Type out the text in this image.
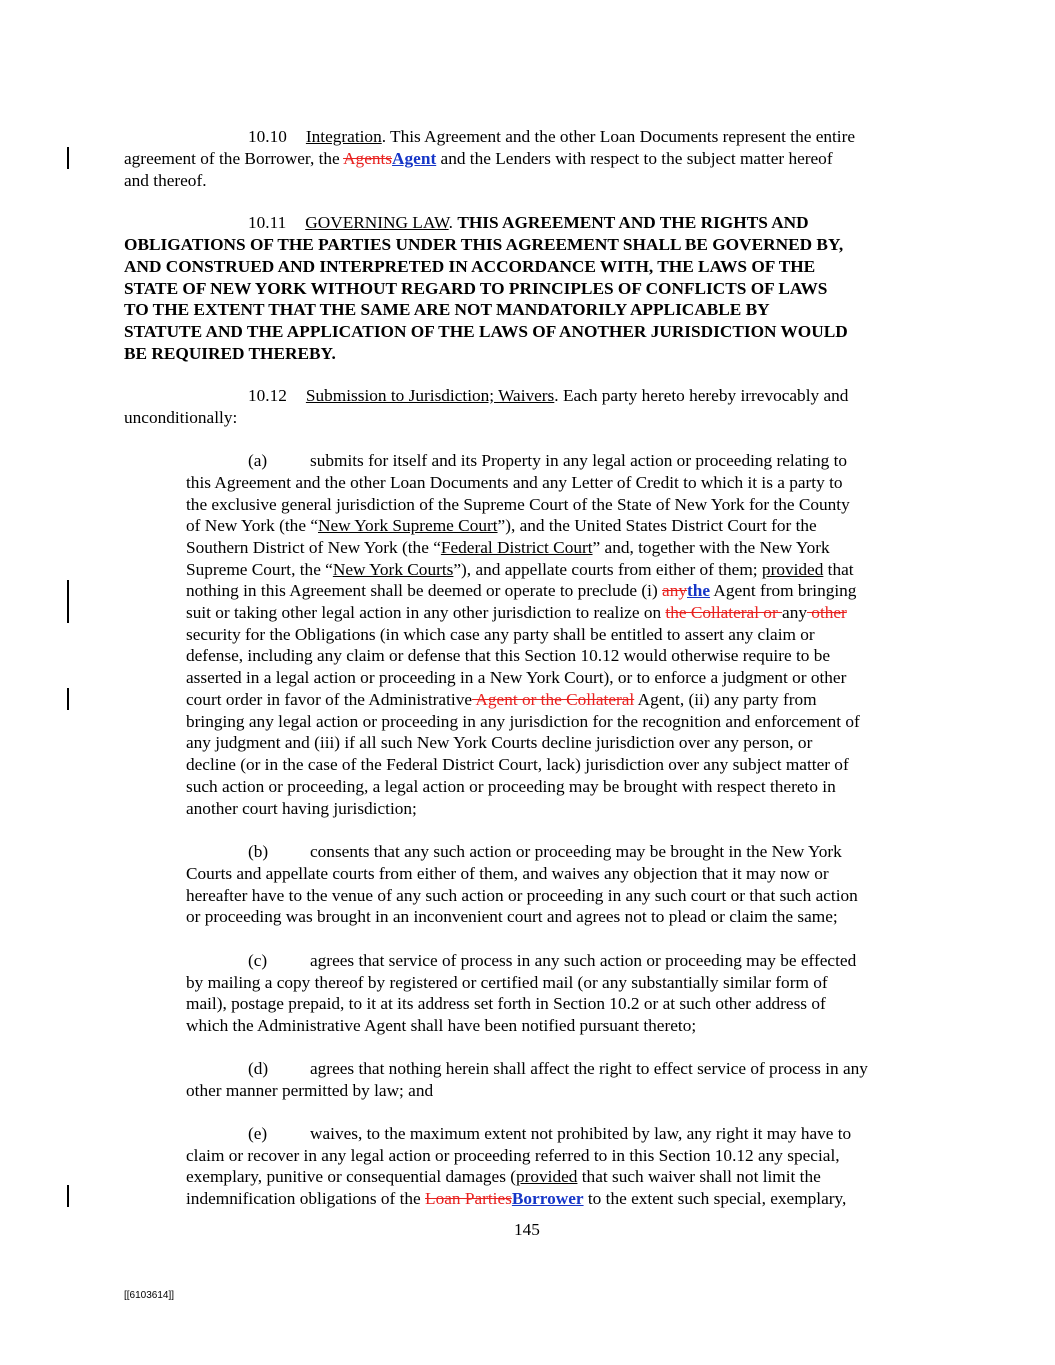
10.10 Integration. This Agreement and the other Loan Documents represent the entire
agreement of the Borrower, the AgentsAgent and the Lenders with respect to the subject matter hereof
and thereof.
10.11 GOVERNING LAW. THIS AGREEMENT AND THE RIGHTS AND
OBLIGATIONS OF THE PARTIES UNDER THIS AGREEMENT SHALL BE GOVERNED BY,
AND CONSTRUED AND INTERPRETED IN ACCORDANCE WITH, THE LAWS OF THE
STATE OF NEW YORK WITHOUT REGARD TO PRINCIPLES OF CONFLICTS OF LAWS
TO THE EXTENT THAT THE SAME ARE NOT MANDATORILY APPLICABLE BY
STATUTE AND THE APPLICATION OF THE LAWS OF ANOTHER JURISDICTION WOULD
BE REQUIRED THEREBY.
10.12 Submission to Jurisdiction; Waivers. Each party hereto hereby irrevocably and
unconditionally:
(a) submits for itself and its Property in any legal action or proceeding relating to
this Agreement and the other Loan Documents and any Letter of Credit to which it is a party to
the exclusive general jurisdiction of the Supreme Court of the State of New York for the County
of New York (the “New York Supreme Court”), and the United States District Court for the
Southern District of New York (the “Federal District Court” and, together with the New York
Supreme Court, the “New York Courts”), and appellate courts from either of them; provided that
nothing in this Agreement shall be deemed or operate to preclude (i) anythe Agent from bringing
suit or taking other legal action in any other jurisdiction to realize on the Collateral or any other
security for the Obligations (in which case any party shall be entitled to assert any claim or
defense, including any claim or defense that this Section 10.12 would otherwise require to be
asserted in a legal action or proceeding in a New York Court), or to enforce a judgment or other
court order in favor of the Administrative Agent or the Collateral Agent, (ii) any party from
bringing any legal action or proceeding in any jurisdiction for the recognition and enforcement of
any judgment and (iii) if all such New York Courts decline jurisdiction over any person, or
decline (or in the case of the Federal District Court, lack) jurisdiction over any subject matter of
such action or proceeding, a legal action or proceeding may be brought with respect thereto in
another court having jurisdiction;
(b) consents that any such action or proceeding may be brought in the New York
Courts and appellate courts from either of them, and waives any objection that it may now or
hereafter have to the venue of any such action or proceeding in any such court or that such action
or proceeding was brought in an inconvenient court and agrees not to plead or claim the same;
(c) agrees that service of process in any such action or proceeding may be effected
by mailing a copy thereof by registered or certified mail (or any substantially similar form of
mail), postage prepaid, to it at its address set forth in Section 10.2 or at such other address of
which the Administrative Agent shall have been notified pursuant thereto;
(d) agrees that nothing herein shall affect the right to effect service of process in any
other manner permitted by law; and
(e) waives, to the maximum extent not prohibited by law, any right it may have to
claim or recover in any legal action or proceeding referred to in this Section 10.12 any special,
exemplary, punitive or consequential damages (provided that such waiver shall not limit the
indemnification obligations of the Loan PartiesBorrower to the extent such special, exemplary,
145
[[6103614]]
